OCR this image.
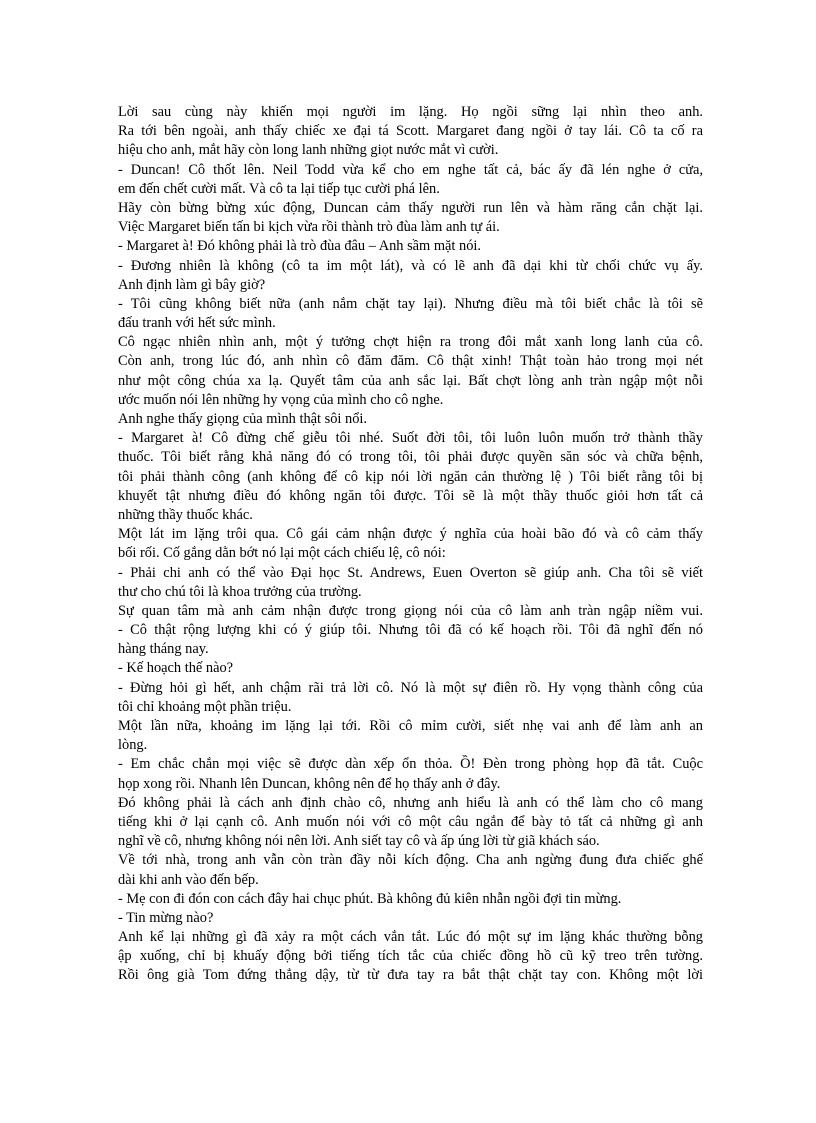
Lời sau cùng này khiến mọi người im lặng. Họ ngồi sững lại nhìn theo anh.
Ra tới bên ngoài, anh thấy chiếc xe đại tá Scott. Margaret đang ngồi ở tay lái. Cô ta cố ra
hiệu cho anh, mắt hãy còn long lanh những giọt nước mắt vì cười.
- Duncan! Cô thốt lên. Neil Todd vừa kể cho em nghe tất cả, bác ấy đã lén nghe ở cửa,
em đến chết cười mất. Và cô ta lại tiếp tục cười phá lên.
Hãy còn bừng bừng xúc động, Duncan cảm thấy người run lên và hàm răng cắn chặt lại.
Việc Margaret biến tấn bi kịch vừa rồi thành trò đùa làm anh tự ái.
- Margaret à! Đó không phải là trò đùa đâu – Anh sầm mặt nói.
- Đương nhiên là không (cô ta im một lát), và có lẽ anh đã dại khi từ chối chức vụ ấy.
Anh định làm gì bây giờ?
- Tôi cũng không biết nữa (anh nắm chặt tay lại). Nhưng điều mà tôi biết chắc là tôi sẽ
đấu tranh với hết sức mình.
Cô ngạc nhiên nhìn anh, một ý tưởng chợt hiện ra trong đôi mắt xanh long lanh của cô.
Còn anh, trong lúc đó, anh nhìn cô đăm đăm. Cô thật xinh! Thật toàn hảo trong mọi nét
như một công chúa xa lạ. Quyết tâm của anh sắc lại. Bất chợt lòng anh tràn ngập một nỗi
ước muốn nói lên những hy vọng của mình cho cô nghe.
Anh nghe thấy giọng của mình thật sôi nổi.
- Margaret à! Cô đừng chế giễu tôi nhé. Suốt đời tôi, tôi luôn luôn muốn trở thành thầy
thuốc. Tôi biết rằng khả năng đó có trong tôi, tôi phải được quyền săn sóc và chữa bệnh,
tôi phải thành công (anh không để cô kịp nói lời ngăn cản thường lệ ) Tôi biết rằng tôi bị
khuyết tật nhưng điều đó không ngăn tôi được. Tôi sẽ là một thầy thuốc giỏi hơn tất cả
những thầy thuốc khác.
Một lát im lặng trôi qua. Cô gái cảm nhận được ý nghĩa của hoài bão đó và cô cảm thấy
bối rối. Cố gắng dằn bớt nó lại một cách chiếu lệ, cô nói:
- Phải chi anh có thể vào Đại học St. Andrews, Euen Overton sẽ giúp anh. Cha tôi sẽ viết
thư cho chú tôi là khoa trưởng của trường.
Sự quan tâm mà anh cảm nhận được trong giọng nói của cô làm anh tràn ngập niềm vui.
- Cô thật rộng lượng khi có ý giúp tôi. Nhưng tôi đã có kế hoạch rồi. Tôi đã nghĩ đến nó
hàng tháng nay.
- Kế hoạch thế nào?
- Đừng hỏi gì hết, anh chậm rãi trả lời cô. Nó là một sự điên rồ. Hy vọng thành công của
tôi chỉ khoảng một phần triệu.
Một lần nữa, khoảng im lặng lại tới. Rồi cô mỉm cười, siết nhẹ vai anh để làm anh an
lòng.
- Em chắc chắn mọi việc sẽ được dàn xếp ổn thỏa. Ồ! Đèn trong phòng họp đã tắt. Cuộc
họp xong rồi. Nhanh lên Duncan, không nên để họ thấy anh ở đây.
Đó không phải là cách anh định chào cô, nhưng anh hiểu là anh có thể làm cho cô mang
tiếng khi ở lại cạnh cô. Anh muốn nói với cô một câu ngắn để bày tỏ tất cả những gì anh
nghĩ về cô, nhưng không nói nên lời. Anh siết tay cô và ấp úng lời từ giã khách sáo.
Về tới nhà, trong anh vẫn còn tràn đầy nỗi kích động. Cha anh ngừng đung đưa chiếc ghế
dài khi anh vào đến bếp.
- Mẹ con đi đón con cách đây hai chục phút. Bà không đủ kiên nhẫn ngồi đợi tin mừng.
- Tin mừng nào?
Anh kể lại những gì đã xảy ra một cách vắn tắt. Lúc đó một sự im lặng khác thường bỗng
ập xuống, chỉ bị khuấy động bởi tiếng tích tắc của chiếc đồng hồ cũ kỹ treo trên tường.
Rồi ông già Tom đứng thẳng dậy, từ từ đưa tay ra bắt thật chặt tay con. Không một lời
